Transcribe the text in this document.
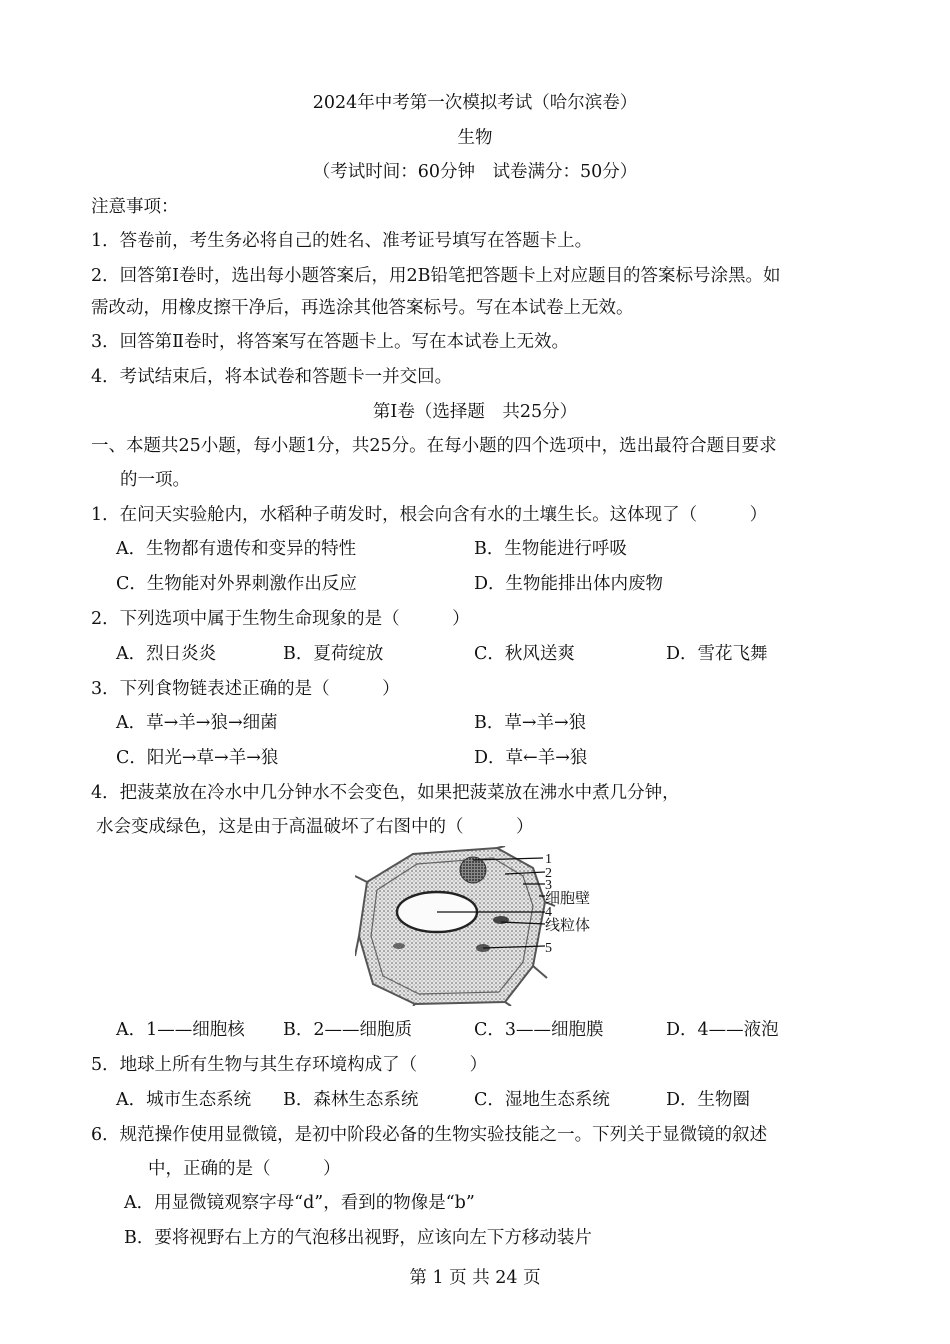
2024年中考第一次模拟考试（哈尔滨卷）
生物
（考试时间：60分钟　试卷满分：50分）
注意事项：
1．答卷前，考生务必将自己的姓名、准考证号填写在答题卡上。
2．回答第Ⅰ卷时，选出每小题答案后，用2B铅笔把答题卡上对应题目的答案标号涂黑。如
需改动，用橡皮擦干净后，再选涂其他答案标号。写在本试卷上无效。
3．回答第Ⅱ卷时，将答案写在答题卡上。写在本试卷上无效。
4．考试结束后，将本试卷和答题卡一并交回。
第Ⅰ卷（选择题　共25分）
一、本题共25小题，每小题1分，共25分。在每小题的四个选项中，选出最符合题目要求
的一项。
1．在问天实验舱内，水稻种子萌发时，根会向含有水的土壤生长。这体现了（　　　）
A．生物都有遗传和变异的特性	B．生物能进行呼吸
C．生物能对外界刺激作出反应	D．生物能排出体内废物
2．下列选项中属于生物生命现象的是（　　　）
A．烈日炎炎	B．夏荷绽放	C．秋风送爽	D．雪花飞舞
3．下列食物链表述正确的是（　　　）
A．草→羊→狼→细菌	B．草→羊→狼
C．阳光→草→羊→狼	D．草←羊→狼
4．把菠菜放在冷水中几分钟水不会变色，如果把菠菜放在沸水中煮几分钟，
水会变成绿色，这是由于高温破坏了右图中的（　　　）
1
2
3
细胞壁
4
线粒体
5
A．1——细胞核 B．2——细胞质	C．3——细胞膜	D．4——液泡
5．地球上所有生物与其生存环境构成了（　　　）
A．城市生态系统 B．森林生态系统	C．湿地生态系统	D．生物圈
6．规范操作使用显微镜，是初中阶段必备的生物实验技能之一。下列关于显微镜的叙述
中，正确的是（　　　）
A．用显微镜观察字母“d”，看到的物像是“b”
B．要将视野右上方的气泡移出视野，应该向左下方移动装片
第 1 页 共 24 页
